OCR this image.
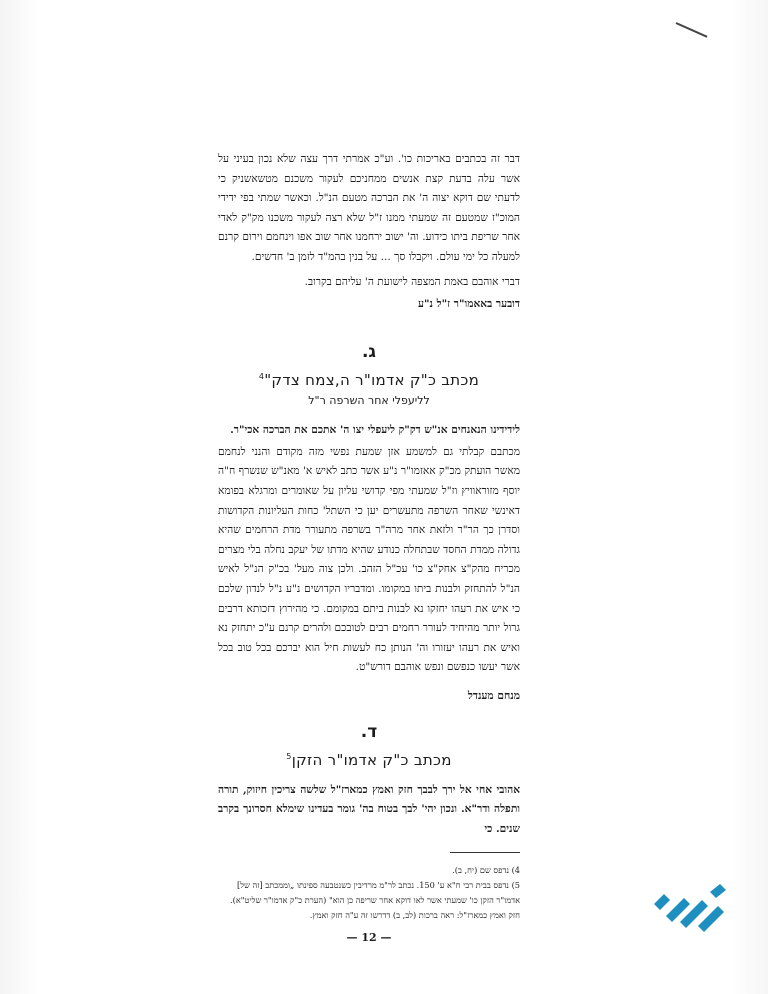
דבר זה בכתבים באריכות כו'. וע"כ אמרתי דרך עצה שלא נכון בעיני על אשר עלה בדעת קצת אנשים ממחניכם לעקור משכנם מטשאשניק כי לדעתי שם דוקא יצוה ה' את הברכה מטעם הנ"ל. וכאשר שמתי בפי ידידי המוכ"ז שמטעם זה שמעתי ממנו ז"ל שלא רצה לעקור משכנו מק"ק לאדי אחר שריפת ביתו כידוע. וה' ישוב ירחמנו אחר שוב אפו וינחמם וירום קרנם למעלה כל ימי עולם. ויקבלו סך ... על בנין בהמ"ד לזמן ב' חדשים.

דברי אוהבם באמת המצפה לישועת ה' עליהם בקרוב.

דובער באאמו"ר ז"ל נ"ע

ג.
מכתב כ"ק אדמו"ר ה,צמח צדק"$^4$
לליעפלי אחר השרפה ר"ל

לידידינו הנאנחים אנ"ש דק"ק ליעפלי יצו ה' אתכם את הברכה אכי"ר.

מכתבם קבלתי גם למשמע אזן שמעת נפשי מזה מקודם והנני לנחמם מאשר הועתק מכ"ק אאזמו"ר נ"ע אשר כתב לאיש א' מאנ"ש שנשרף ח"ה יוסף מזוראוויץ וז"ל שמעתי מפי קדושי עליון על שאומרים ומרגלא בפומא דאינשי שאחר השרפה מתעשרים יען כי השתל' כחות העליונות הקדושות וסדרן כך הר"ר ולזאת אחר מרה"ר בשרפה מתעורר מדת הרחמים שהיא גדולה ממדת החסד שבתחלה כנודע שהיא מדתו של יעקב נחלה בלי מצרים מכריח מהק"צ אחק"צ כו' עכ"ל הזהב. ולכן צוה מעל' בכ"ק הנ"ל לאיש הנ"ל להתחזק ולבנות ביתו במקומו. ומדבריו הקדושים נ"ע נ"ל לנדון שלכם כי איש את רעהו יחזקו נא לבנות ביתם במקומם. כי מהירוץ דזכותא דרבים גרול יותר מהיחיד לעורר רחמים רבים לטובכם ולהרים קרנם ע"כ יתחזק נא ואיש את רעהו יעזורו וה' הנותן כח לעשות חיל הוא יברכם בכל טוב בכל אשר יעשו כנפשם ונפש אוהבם דורש"ט.

מנחם מענדל

ד.
מכתב כ"ק אדמו"ר הזקן$^5$

אהובי אחי אל ירך לבבך חזק ואמץ כמארז"ל שלשה צריכין חיזוק, תורה ותפלה ודר"א. ונכון יהי' לבך בטוח בה' גומר בעדינו שימלא חסרונך בקרב שנים. כי

4) נדפס שם (יח, ב).
5) נדפס בבית רבי ח"א ע' 150. נכתב לר"מ מרדיבין כשנטבעה ספינתו „וממכתב [זה של] אדמו"ר הזקן כו' שמעתי אשר לאו דוקא אחר שריפה כן הוא" (הערת כ"ק אדמו"ר שליט"א).
חזק ואמץ כמארז"ל: ראה ברכות (לב, ב) דדרשו זה ע"ה חזק ואמץ.
— 12 —
